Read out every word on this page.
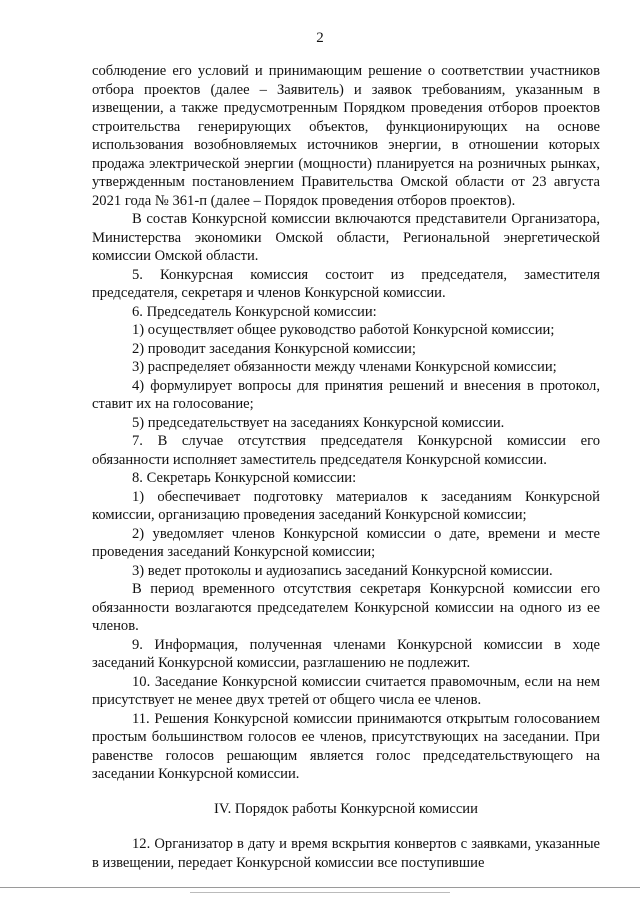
2

соблюдение его условий и принимающим решение о соответствии участников отбора проектов (далее – Заявитель) и заявок требованиям, указанным в извещении, а также предусмотренным Порядком проведения отборов проектов строительства генерирующих объектов, функционирующих на основе использования возобновляемых источников энергии, в отношении которых продажа электрической энергии (мощности) планируется на розничных рынках, утвержденным постановлением Правительства Омской области от 23 августа 2021 года № 361-п (далее – Порядок проведения отборов проектов).

В состав Конкурсной комиссии включаются представители Организатора, Министерства экономики Омской области, Региональной энергетической комиссии Омской области.

5. Конкурсная комиссия состоит из председателя, заместителя председателя, секретаря и членов Конкурсной комиссии.

6. Председатель Конкурсной комиссии:

1) осуществляет общее руководство работой Конкурсной комиссии;

2) проводит заседания Конкурсной комиссии;

3) распределяет обязанности между членами Конкурсной комиссии;

4) формулирует вопросы для принятия решений и внесения в протокол, ставит их на голосование;

5) председательствует на заседаниях Конкурсной комиссии.

7. В случае отсутствия председателя Конкурсной комиссии его обязанности исполняет заместитель председателя Конкурсной комиссии.

8. Секретарь Конкурсной комиссии:

1) обеспечивает подготовку материалов к заседаниям Конкурсной комиссии, организацию проведения заседаний Конкурсной комиссии;

2) уведомляет членов Конкурсной комиссии о дате, времени и месте проведения заседаний Конкурсной комиссии;

3) ведет протоколы и аудиозапись заседаний Конкурсной комиссии.

В период временного отсутствия секретаря Конкурсной комиссии его обязанности возлагаются председателем Конкурсной комиссии на одного из ее членов.

9. Информация, полученная членами Конкурсной комиссии в ходе заседаний Конкурсной комиссии, разглашению не подлежит.

10. Заседание Конкурсной комиссии считается правомочным, если на нем присутствует не менее двух третей от общего числа ее членов.

11. Решения Конкурсной комиссии принимаются открытым голосованием простым большинством голосов ее членов, присутствующих на заседании. При равенстве голосов решающим является голос председательствующего на заседании Конкурсной комиссии.

IV. Порядок работы Конкурсной комиссии

12. Организатор в дату и время вскрытия конвертов с заявками, указанные в извещении, передает Конкурсной комиссии все поступившие
